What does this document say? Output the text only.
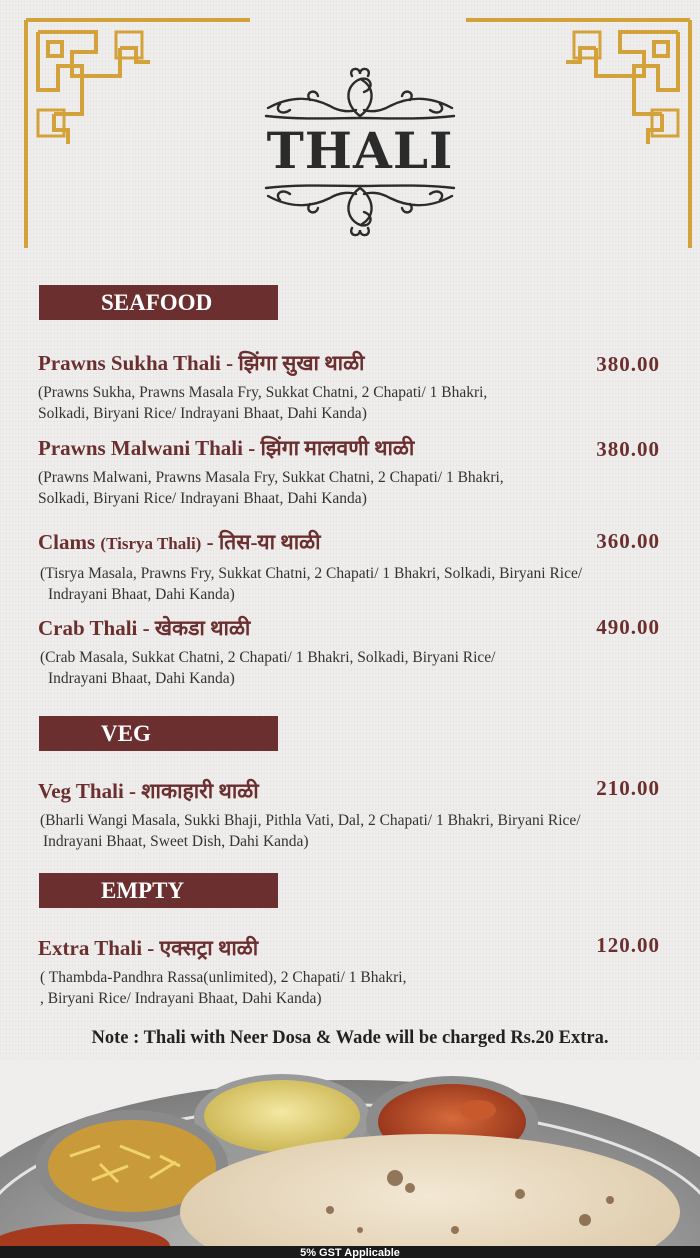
THALI
SEAFOOD
Prawns Sukha Thali - झिंगा सुखा थाळी	380.00
(Prawns Sukha, Prawns Masala Fry, Sukkat Chatni, 2 Chapati/ 1 Bhakri,
Solkadi, Biryani Rice/ Indrayani Bhaat, Dahi Kanda)
Prawns Malwani Thali - झिंगा मालवणी थाळी	380.00
(Prawns Malwani, Prawns Masala Fry, Sukkat Chatni, 2 Chapati/ 1 Bhakri,
Solkadi, Biryani Rice/ Indrayani Bhaat, Dahi Kanda)
Clams (Tisrya Thali) - तिस-या थाळी	360.00
(Tisrya Masala, Prawns Fry, Sukkat Chatni, 2 Chapati/ 1 Bhakri, Solkadi, Biryani Rice/
Indrayani Bhaat, Dahi Kanda)
Crab Thali - खेकडा थाळी	490.00
(Crab Masala, Sukkat Chatni, 2 Chapati/ 1 Bhakri, Solkadi, Biryani Rice/
Indrayani Bhaat, Dahi Kanda)
VEG
Veg Thali - शाकाहारी थाळी	210.00
(Bharli Wangi Masala, Sukki Bhaji, Pithla Vati, Dal, 2 Chapati/ 1 Bhakri, Biryani Rice/
Indrayani Bhaat, Sweet Dish, Dahi Kanda)
EMPTY
Extra Thali - एक्सट्रा थाळी	120.00
( Thambda-Pandhra Rassa(unlimited), 2 Chapati/ 1 Bhakri,
, Biryani Rice/ Indrayani Bhaat, Dahi Kanda)
Note : Thali with Neer Dosa & Wade will be charged Rs.20 Extra.
5% GST Applicable
